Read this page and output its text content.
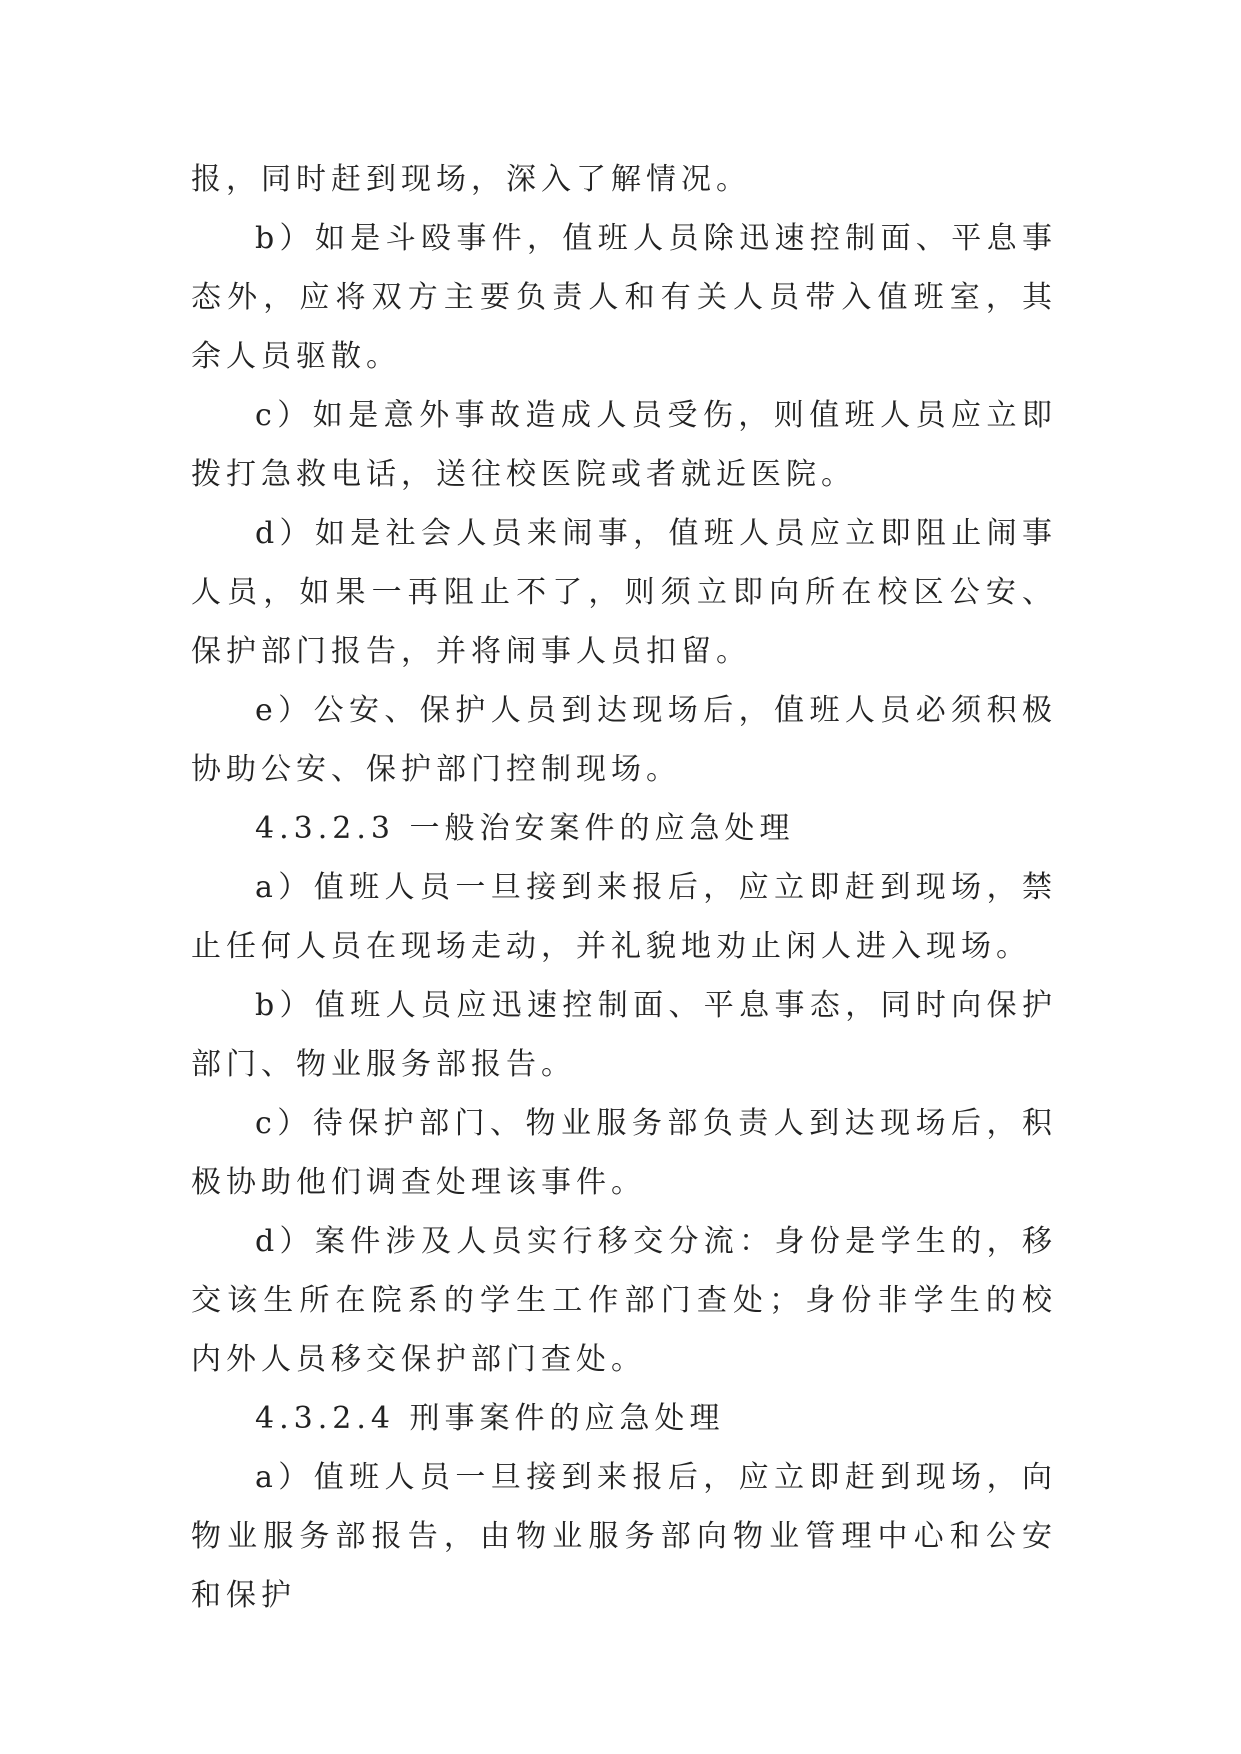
报，同时赶到现场，深入了解情况。

b）如是斗殴事件，值班人员除迅速控制面、平息事态外，应将双方主要负责人和有关人员带入值班室，其余人员驱散。

c）如是意外事故造成人员受伤，则值班人员应立即拨打急救电话，送往校医院或者就近医院。

d）如是社会人员来闹事，值班人员应立即阻止闹事人员，如果一再阻止不了，则须立即向所在校区公安、保护部门报告，并将闹事人员扣留。

e）公安、保护人员到达现场后，值班人员必须积极协助公安、保护部门控制现场。

4.3.2.3 一般治安案件的应急处理

a）值班人员一旦接到来报后，应立即赶到现场，禁止任何人员在现场走动，并礼貌地劝止闲人进入现场。

b）值班人员应迅速控制面、平息事态，同时向保护部门、物业服务部报告。

c）待保护部门、物业服务部负责人到达现场后，积极协助他们调查处理该事件。

d）案件涉及人员实行移交分流：身份是学生的，移交该生所在院系的学生工作部门查处；身份非学生的校内外人员移交保护部门查处。

4.3.2.4 刑事案件的应急处理

a）值班人员一旦接到来报后，应立即赶到现场，向物业服务部报告，由物业服务部向物业管理中心和公安和保护
